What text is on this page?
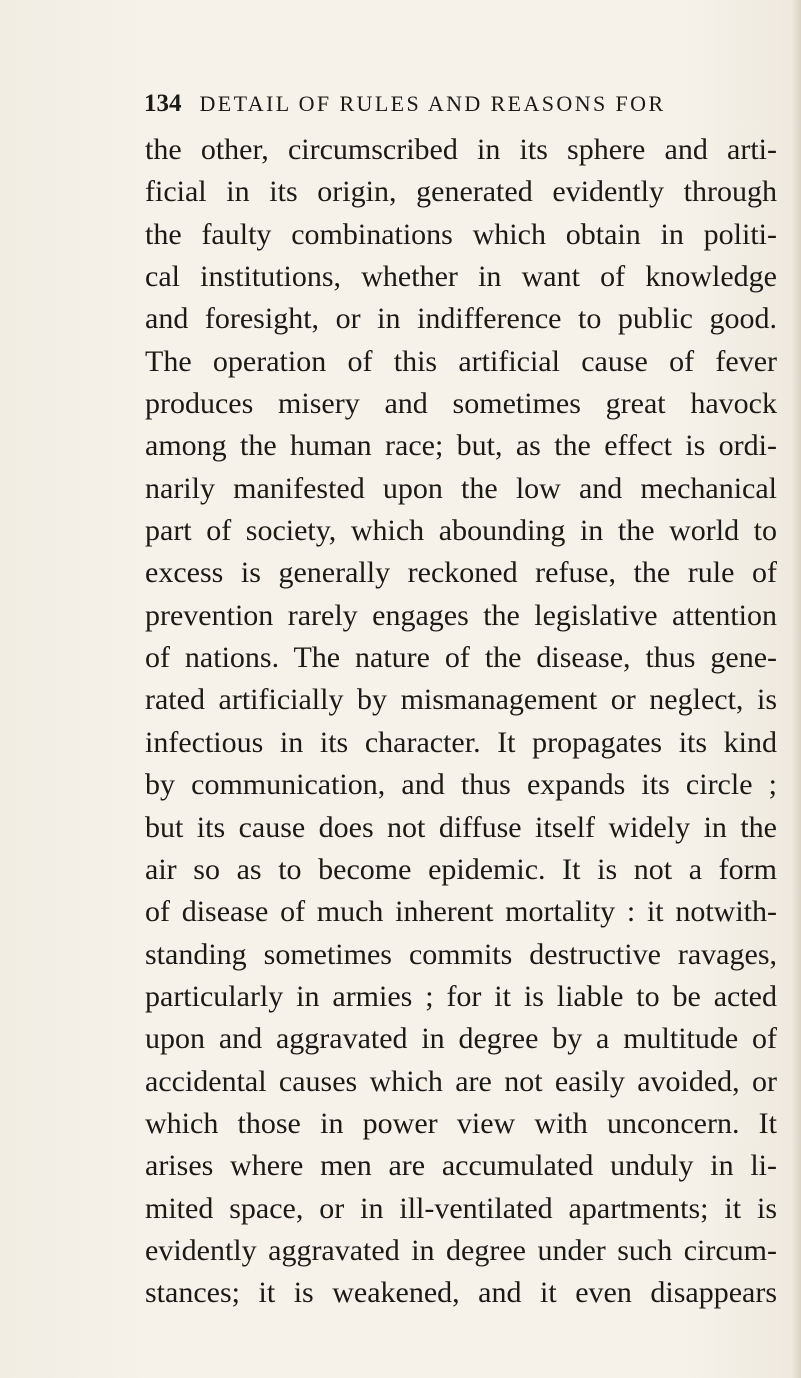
134 DETAIL OF RULES AND REASONS FOR
the other, circumscribed in its sphere and arti-
ficial in its origin, generated evidently through
the faulty combinations which obtain in politi-
cal institutions, whether in want of knowledge
and foresight, or in indifference to public good.
The operation of this artificial cause of fever
produces misery and sometimes great havock
among the human race; but, as the effect is ordi-
narily manifested upon the low and mechanical
part of society, which abounding in the world to
excess is generally reckoned refuse, the rule of
prevention rarely engages the legislative attention
of nations. The nature of the disease, thus gene-
rated artificially by mismanagement or neglect, is
infectious in its character. It propagates its kind
by communication, and thus expands its circle ;
but its cause does not diffuse itself widely in the
air so as to become epidemic. It is not a form
of disease of much inherent mortality : it notwith-
standing sometimes commits destructive ravages,
particularly in armies ; for it is liable to be acted
upon and aggravated in degree by a multitude of
accidental causes which are not easily avoided, or
which those in power view with unconcern. It
arises where men are accumulated unduly in li-
mited space, or in ill-ventilated apartments; it is
evidently aggravated in degree under such circum-
stances; it is weakened, and it even disappears
